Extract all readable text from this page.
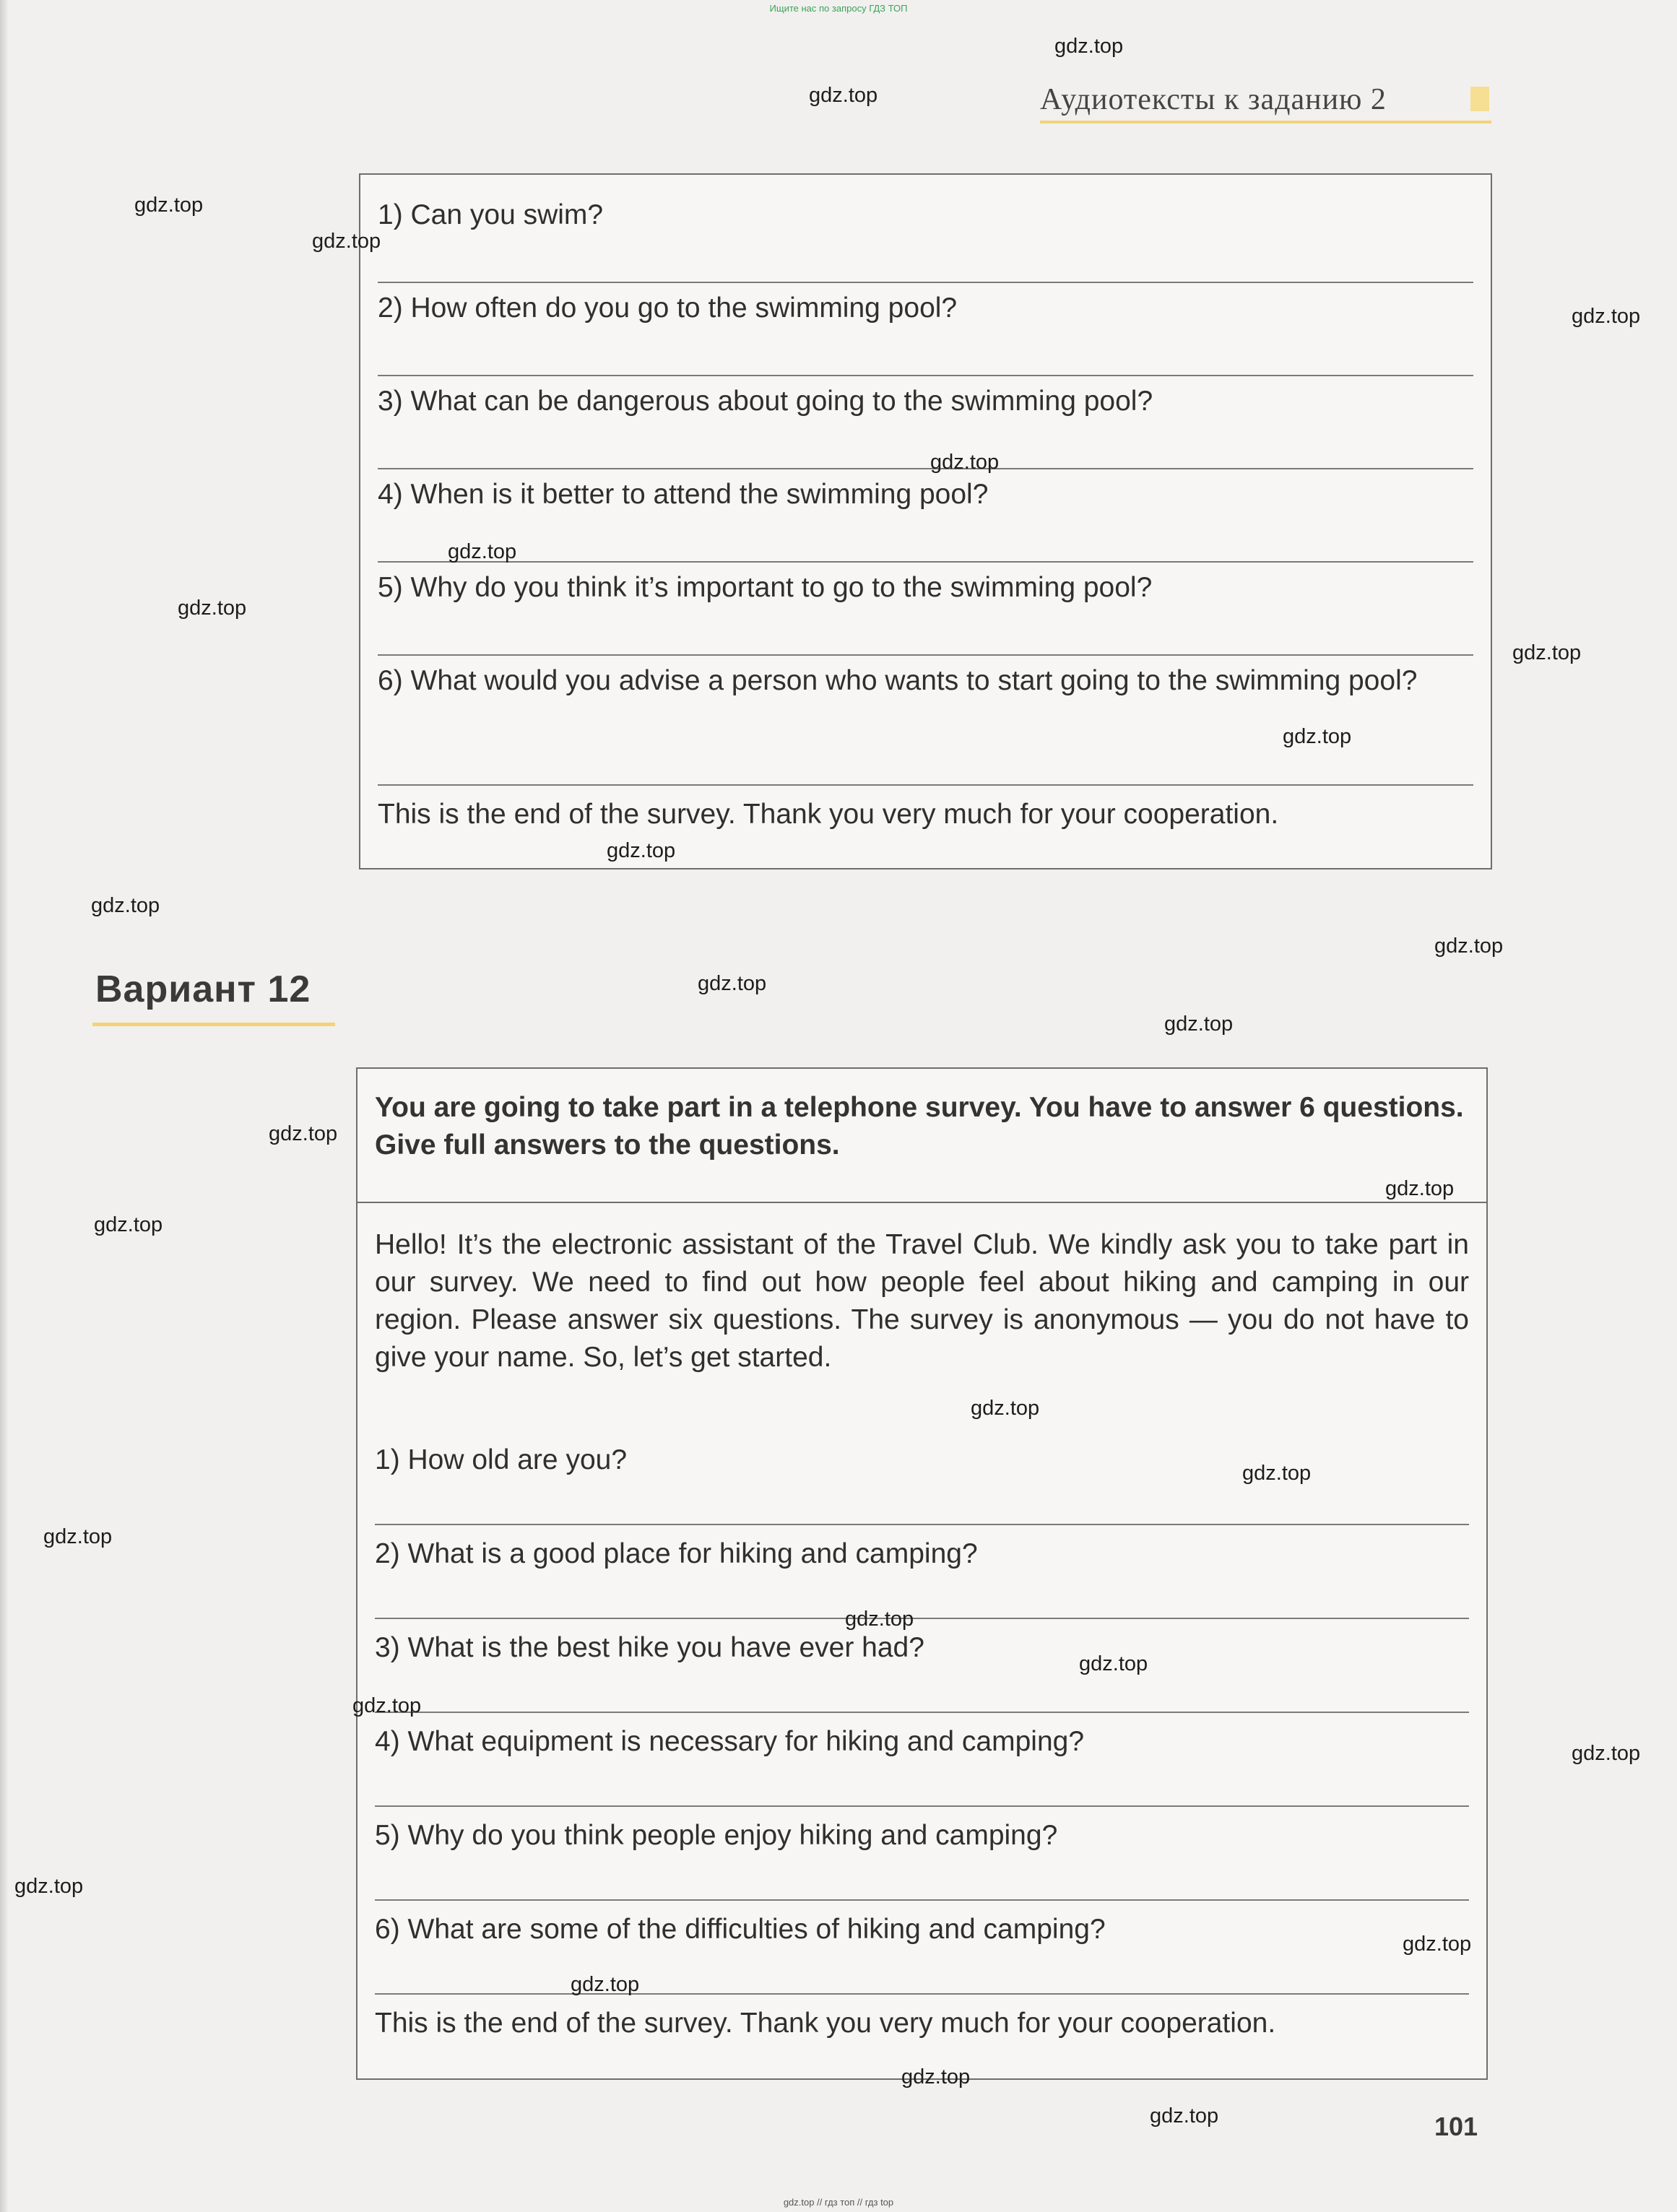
Ищите нас по запросу ГДЗ ТОП
Аудиотексты к заданию 2
1) Can you swim?
2) How often do you go to the swimming pool?
3) What can be dangerous about going to the swimming pool?
4) When is it better to attend the swimming pool?
5) Why do you think it’s important to go to the swimming pool?
6) What would you advise a person who wants to start going to the swimming pool?
This is the end of the survey. Thank you very much for your cooperation.
Вариант 12
You are going to take part in a telephone survey. You have to answer 6 questions. Give full answers to the questions.
Hello! It’s the electronic assistant of the Travel Club. We kindly ask you to take part in our survey. We need to find out how people feel about hiking and camping in our region. Please answer six questions. The survey is anonymous — you do not have to give your name. So, let’s get started.
1) How old are you?
2) What is a good place for hiking and camping?
3) What is the best hike you have ever had?
4) What equipment is necessary for hiking and camping?
5) Why do you think people enjoy hiking and camping?
6) What are some of the difficulties of hiking and camping?
This is the end of the survey. Thank you very much for your cooperation.
101
gdz.top
gdz.top
gdz.top
gdz.top
gdz.top
gdz.top
gdz.top
gdz.top
gdz.top
gdz.top
gdz.top
gdz.top
gdz.top
gdz.top
gdz.top
gdz.top
gdz.top
gdz.top
gdz.top
gdz.top
gdz.top
gdz.top
gdz.top
gdz.top
gdz.top
gdz.top
gdz.top
gdz.top
gdz.top
gdz.top
gdz.top // гдз топ // гдз top
